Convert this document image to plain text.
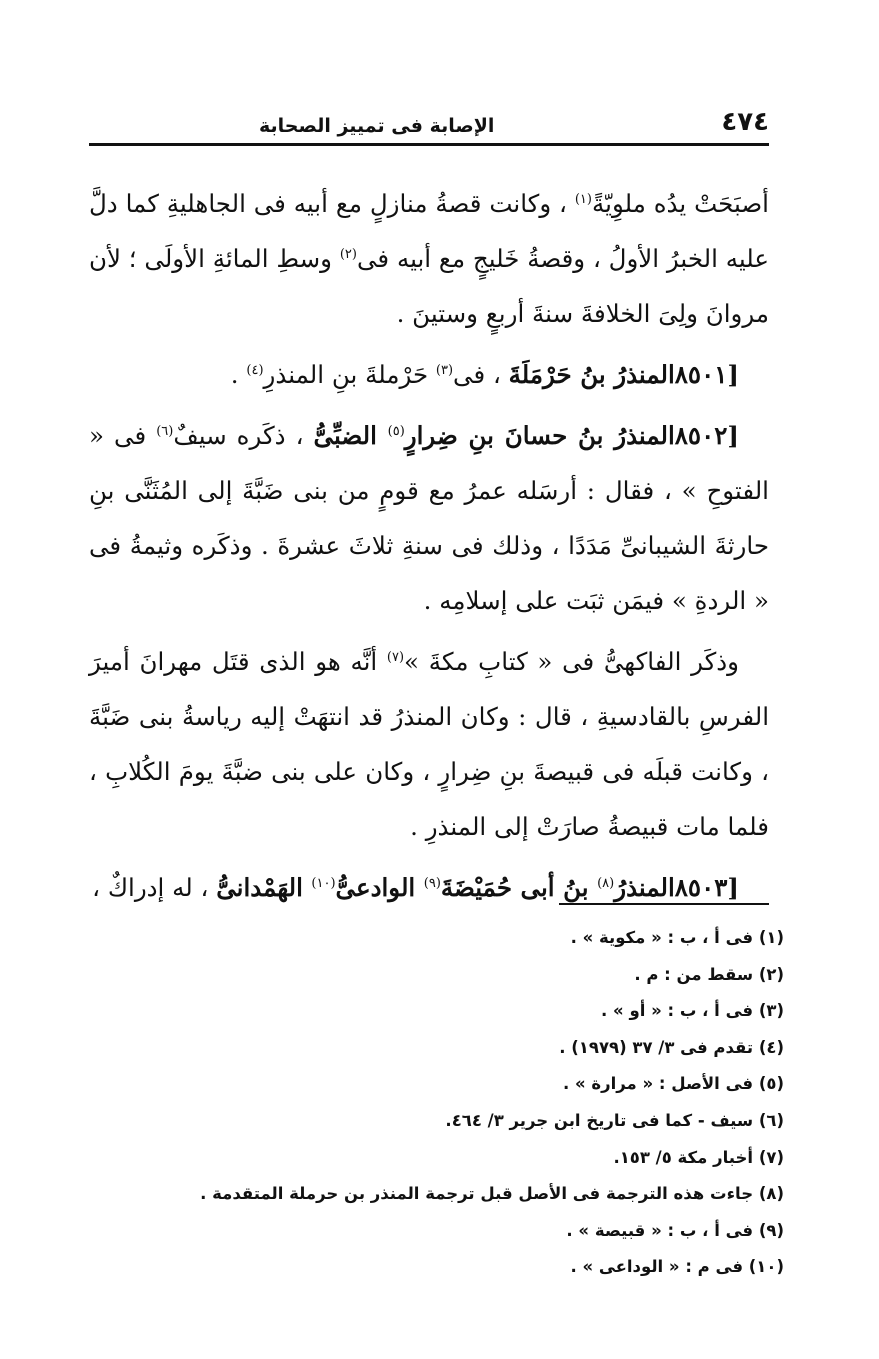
٤٧٤
الإصابة فى تمييز الصحابة

أصبَحَتْ يدُه ملوِيّةً$^{(١)}$ ، وكانت قصةُ منازلٍ مع أبيه فى الجاهليةِ كما دلَّ عليه الخبرُ الأولُ ، وقصةُ خَليجٍ مع أبيه فى$^{(٢)}$ وسطِ المائةِ الأولَى ؛ لأن مروانَ ولِىَ الخلافةَ سنةَ أربعٍ وستينَ .

[٨٥٠١المنذرُ بنُ حَرْمَلَةَ ، فى$^{(٣)}$ حَرْملةَ بنِ المنذرِ$^{(٤)}$ .

[٨٥٠٢المنذرُ بنُ حسانَ بنِ ضِرارٍ$^{(٥)}$ الضبِّىُّ ، ذكَره سيفٌ$^{(٦)}$ فى « الفتوحِ » ، فقال : أرسَله عمرُ مع قومٍ من بنى ضَبَّةَ إلى المُثَنَّى بنِ حارثةَ الشيبانىِّ مَدَدًا ، وذلك فى سنةِ ثلاثَ عشرةَ . وذكَره وثيمةُ فى « الردةِ » فيمَن ثبَت على إسلامِه .

وذكَر الفاكهىُّ فى « كتابِ مكةَ »$^{(٧)}$ أنَّه هو الذى قتَل مهرانَ أميرَ الفرسِ بالقادسيةِ ، قال : وكان المنذرُ قد انتهَتْ إليه رياسةُ بنى ضَبَّةَ ، وكانت قبلَه فى قبيصةَ بنِ ضِرارٍ ، وكان على بنى ضبَّةَ يومَ الكُلابِ ، فلما مات قبيصةُ صارَتْ إلى المنذرِ .

[٨٥٠٣المنذرُ$^{(٨)}$ بنُ أبى حُمَيْضَةَ$^{(٩)}$ الوادعىُّ$^{(١٠)}$ الهَمْدانىُّ ، له إدراكٌ ،

(١) فى أ ، ب : « مكوية » .

(٢) سقط من : م .

(٣) فى أ ، ب : « أو » .

(٤) تقدم فى ٣/ ٣٧ (١٩٧٩) .

(٥) فى الأصل : « مرارة » .

(٦) سيف - كما فى تاريخ ابن جرير ٣/ ٤٦٤.

(٧) أخبار مكة ٥/ ١٥٣.

(٨) جاءت هذه الترجمة فى الأصل قبل ترجمة المنذر بن حرملة المتقدمة .

(٩) فى أ ، ب : « قبيصة » .

(١٠) فى م : « الوداعى » .
